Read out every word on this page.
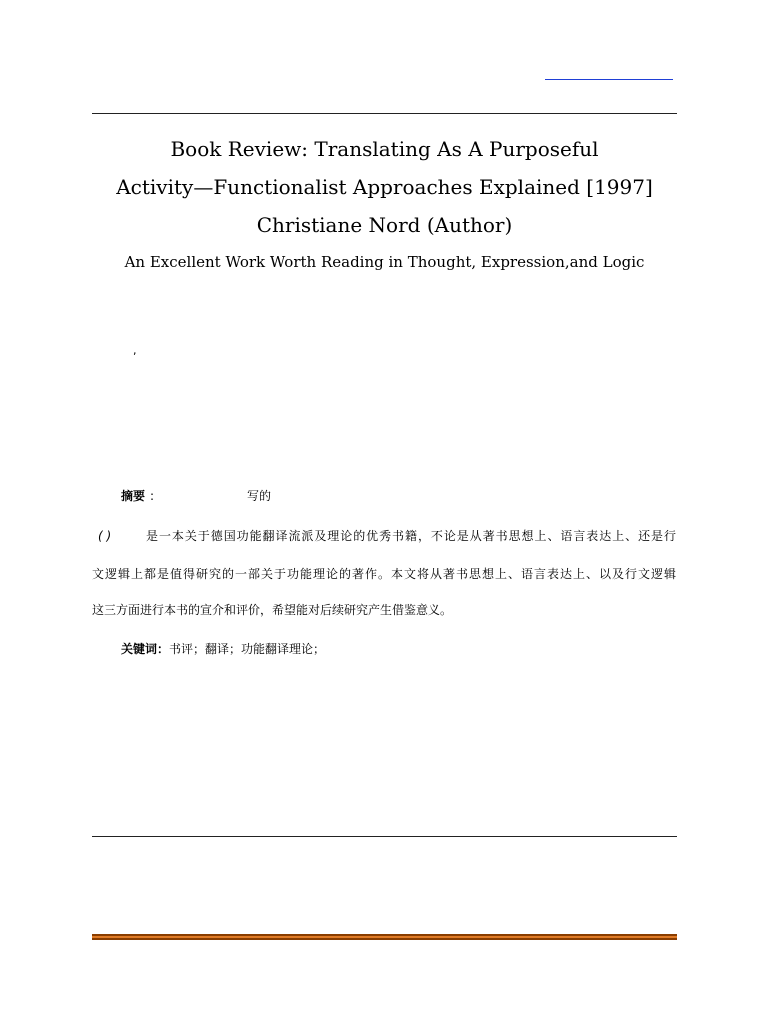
Book Review: Translating As A Purposeful
Activity—Functionalist Approaches Explained [1997]
Christiane Nord (Author)
An Excellent Work Worth Reading in Thought, Expression,and Logic
,
摘要 :	写的
( )	是一本关于德国功能翻译流派及理论的优秀书籍，不论是从著书思想上、语言表达上、还是行
文逻辑上都是值得研究的一部关于功能理论的著作。本文将从著书思想上、语言表达上、以及行文逻辑
这三方面进行本书的宣介和评价，希望能对后续研究产生借鉴意义。
关键词：书评；翻译；功能翻译理论；
